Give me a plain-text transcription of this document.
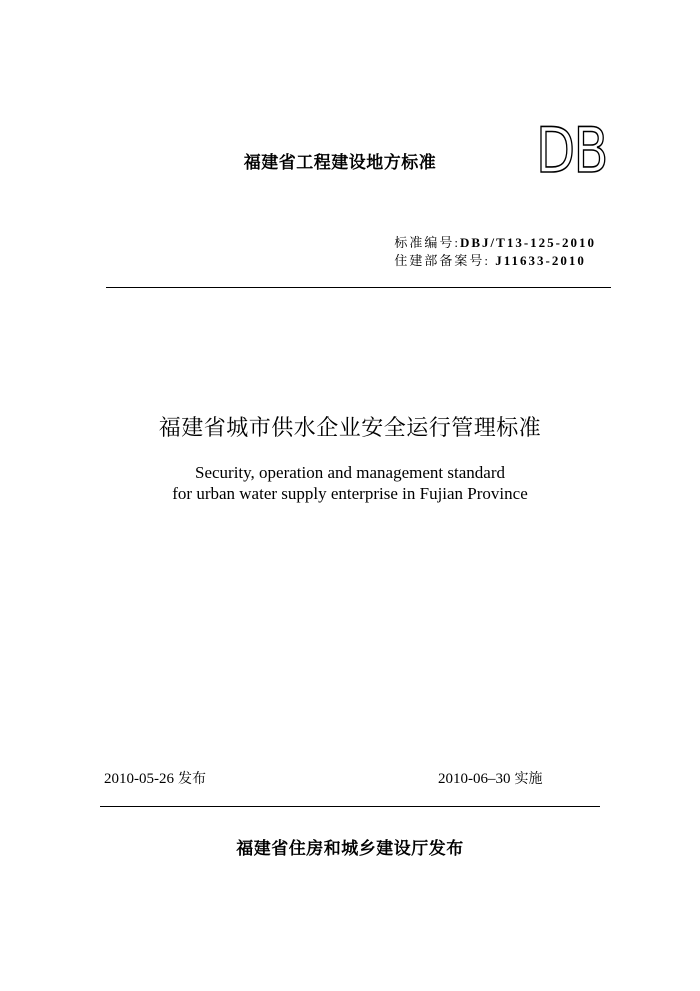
福建省工程建设地方标准	DB
标准编号:DBJ/T13-125-2010
住建部备案号: J11633-2010
福建省城市供水企业安全运行管理标准
Security, operation and management standard
for urban water supply enterprise in Fujian Province
2010-05-26 发布	2010-06–30 实施
福建省住房和城乡建设厅发布
